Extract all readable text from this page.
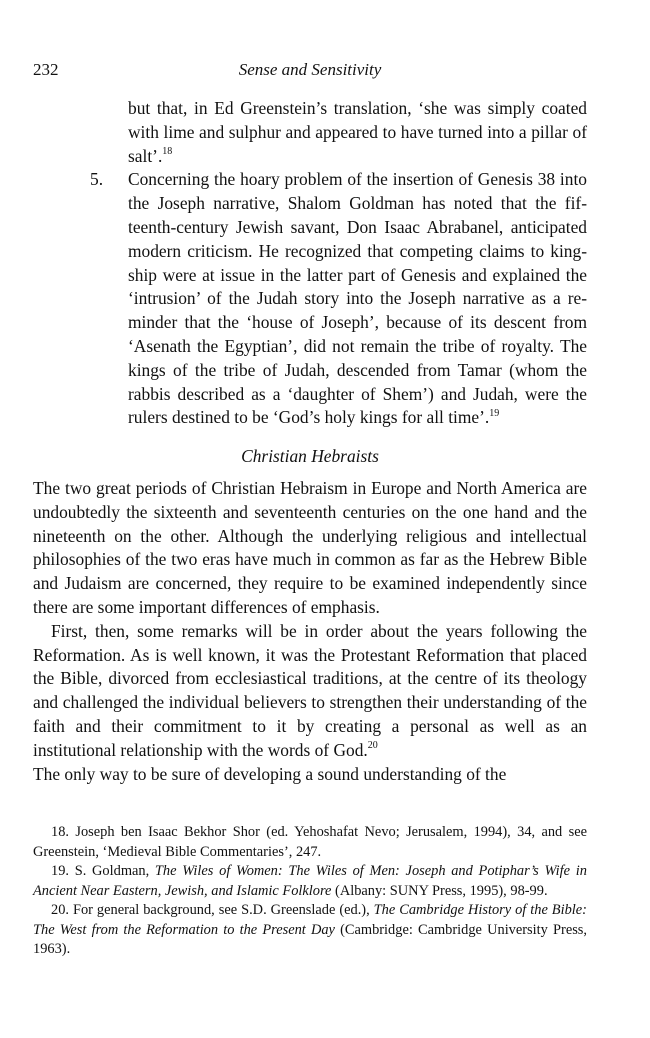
232	Sense and Sensitivity

but that, in Ed Greenstein’s translation, ‘she was simply coated with lime and sulphur and appeared to have turned into a pillar of salt’.$^{18}$

5. Concerning the hoary problem of the insertion of Genesis 38 into the Joseph narrative, Shalom Goldman has noted that the fifteenth-century Jewish savant, Don Isaac Abrabanel, anticipated modern criticism. He recognized that competing claims to kingship were at issue in the latter part of Genesis and explained the ‘intrusion’ of the Judah story into the Joseph narrative as a reminder that the ‘house of Joseph’, because of its descent from ‘Asenath the Egyptian’, did not remain the tribe of royalty. The kings of the tribe of Judah, descended from Tamar (whom the rabbis described as a ‘daughter of Shem’) and Judah, were the rulers destined to be ‘God’s holy kings for all time’.$^{19}$

Christian Hebraists

The two great periods of Christian Hebraism in Europe and North America are undoubtedly the sixteenth and seventeenth centuries on the one hand and the nineteenth on the other. Although the underlying religious and intellectual philosophies of the two eras have much in common as far as the Hebrew Bible and Judaism are concerned, they require to be examined independently since there are some important differences of emphasis.

First, then, some remarks will be in order about the years following the Reformation. As is well known, it was the Protestant Reformation that placed the Bible, divorced from ecclesiastical traditions, at the centre of its theology and challenged the individual believers to strengthen their understanding of the faith and their commitment to it by creating a personal as well as an institutional relationship with the words of God.$^{20}$

The only way to be sure of developing a sound understanding of the

18. Joseph ben Isaac Bekhor Shor (ed. Yehoshafat Nevo; Jerusalem, 1994), 34, and see Greenstein, ‘Medieval Bible Commentaries’, 247.

19. S. Goldman, The Wiles of Women: The Wiles of Men: Joseph and Potiphar’s Wife in Ancient Near Eastern, Jewish, and Islamic Folklore (Albany: SUNY Press, 1995), 98-99.

20. For general background, see S.D. Greenslade (ed.), The Cambridge History of the Bible: The West from the Reformation to the Present Day (Cambridge: Cambridge University Press, 1963).
